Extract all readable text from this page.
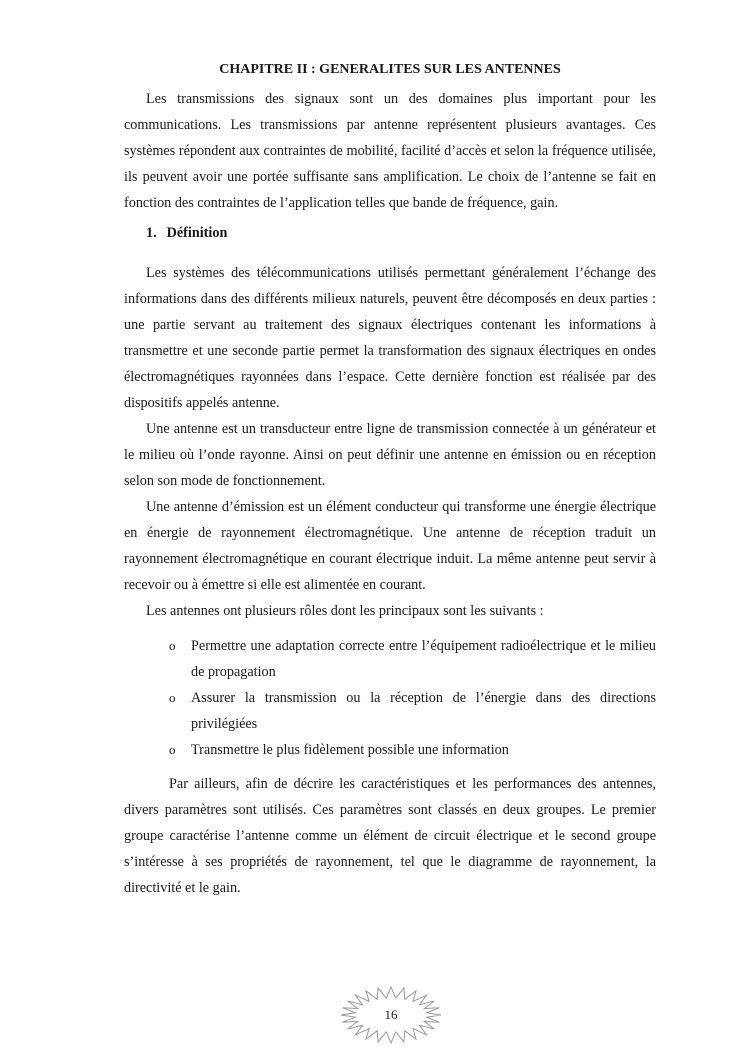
CHAPITRE II : GENERALITES SUR LES ANTENNES

Les transmissions des signaux sont un des domaines plus important pour les communications. Les transmissions par antenne représentent plusieurs avantages. Ces systèmes répondent aux contraintes de mobilité, facilité d’accès et selon la fréquence utilisée, ils peuvent avoir une portée suffisante sans amplification. Le choix de l’antenne se fait en fonction des contraintes de l’application telles que bande de fréquence, gain.

1. Définition

Les systèmes des télécommunications utilisés permettant généralement l’échange des informations dans des différents milieux naturels, peuvent être décomposés en deux parties : une partie servant au traitement des signaux électriques contenant les informations à transmettre et une seconde partie permet la transformation des signaux électriques en ondes électromagnétiques rayonnées dans l’espace. Cette dernière fonction est réalisée par des dispositifs appelés antenne.

Une antenne est un transducteur entre ligne de transmission connectée à un générateur et le milieu où l’onde rayonne. Ainsi on peut définir une antenne en émission ou en réception selon son mode de fonctionnement.

Une antenne d’émission est un élément conducteur qui transforme une énergie électrique en énergie de rayonnement électromagnétique. Une antenne de réception traduit un rayonnement électromagnétique en courant électrique induit. La même antenne peut servir à recevoir ou à émettre si elle est alimentée en courant.

Les antennes ont plusieurs rôles dont les principaux sont les suivants :

o Permettre une adaptation correcte entre l’équipement radioélectrique et le milieu de propagation
o Assurer la transmission ou la réception de l’énergie dans des directions privilégiées
o Transmettre le plus fidèlement possible une information

Par ailleurs, afin de décrire les caractéristiques et les performances des antennes, divers paramètres sont utilisés. Ces paramètres sont classés en deux groupes. Le premier groupe caractérise l’antenne comme un élément de circuit électrique et le second groupe s’intéresse à ses propriétés de rayonnement, tel que le diagramme de rayonnement, la directivité et le gain.

16
